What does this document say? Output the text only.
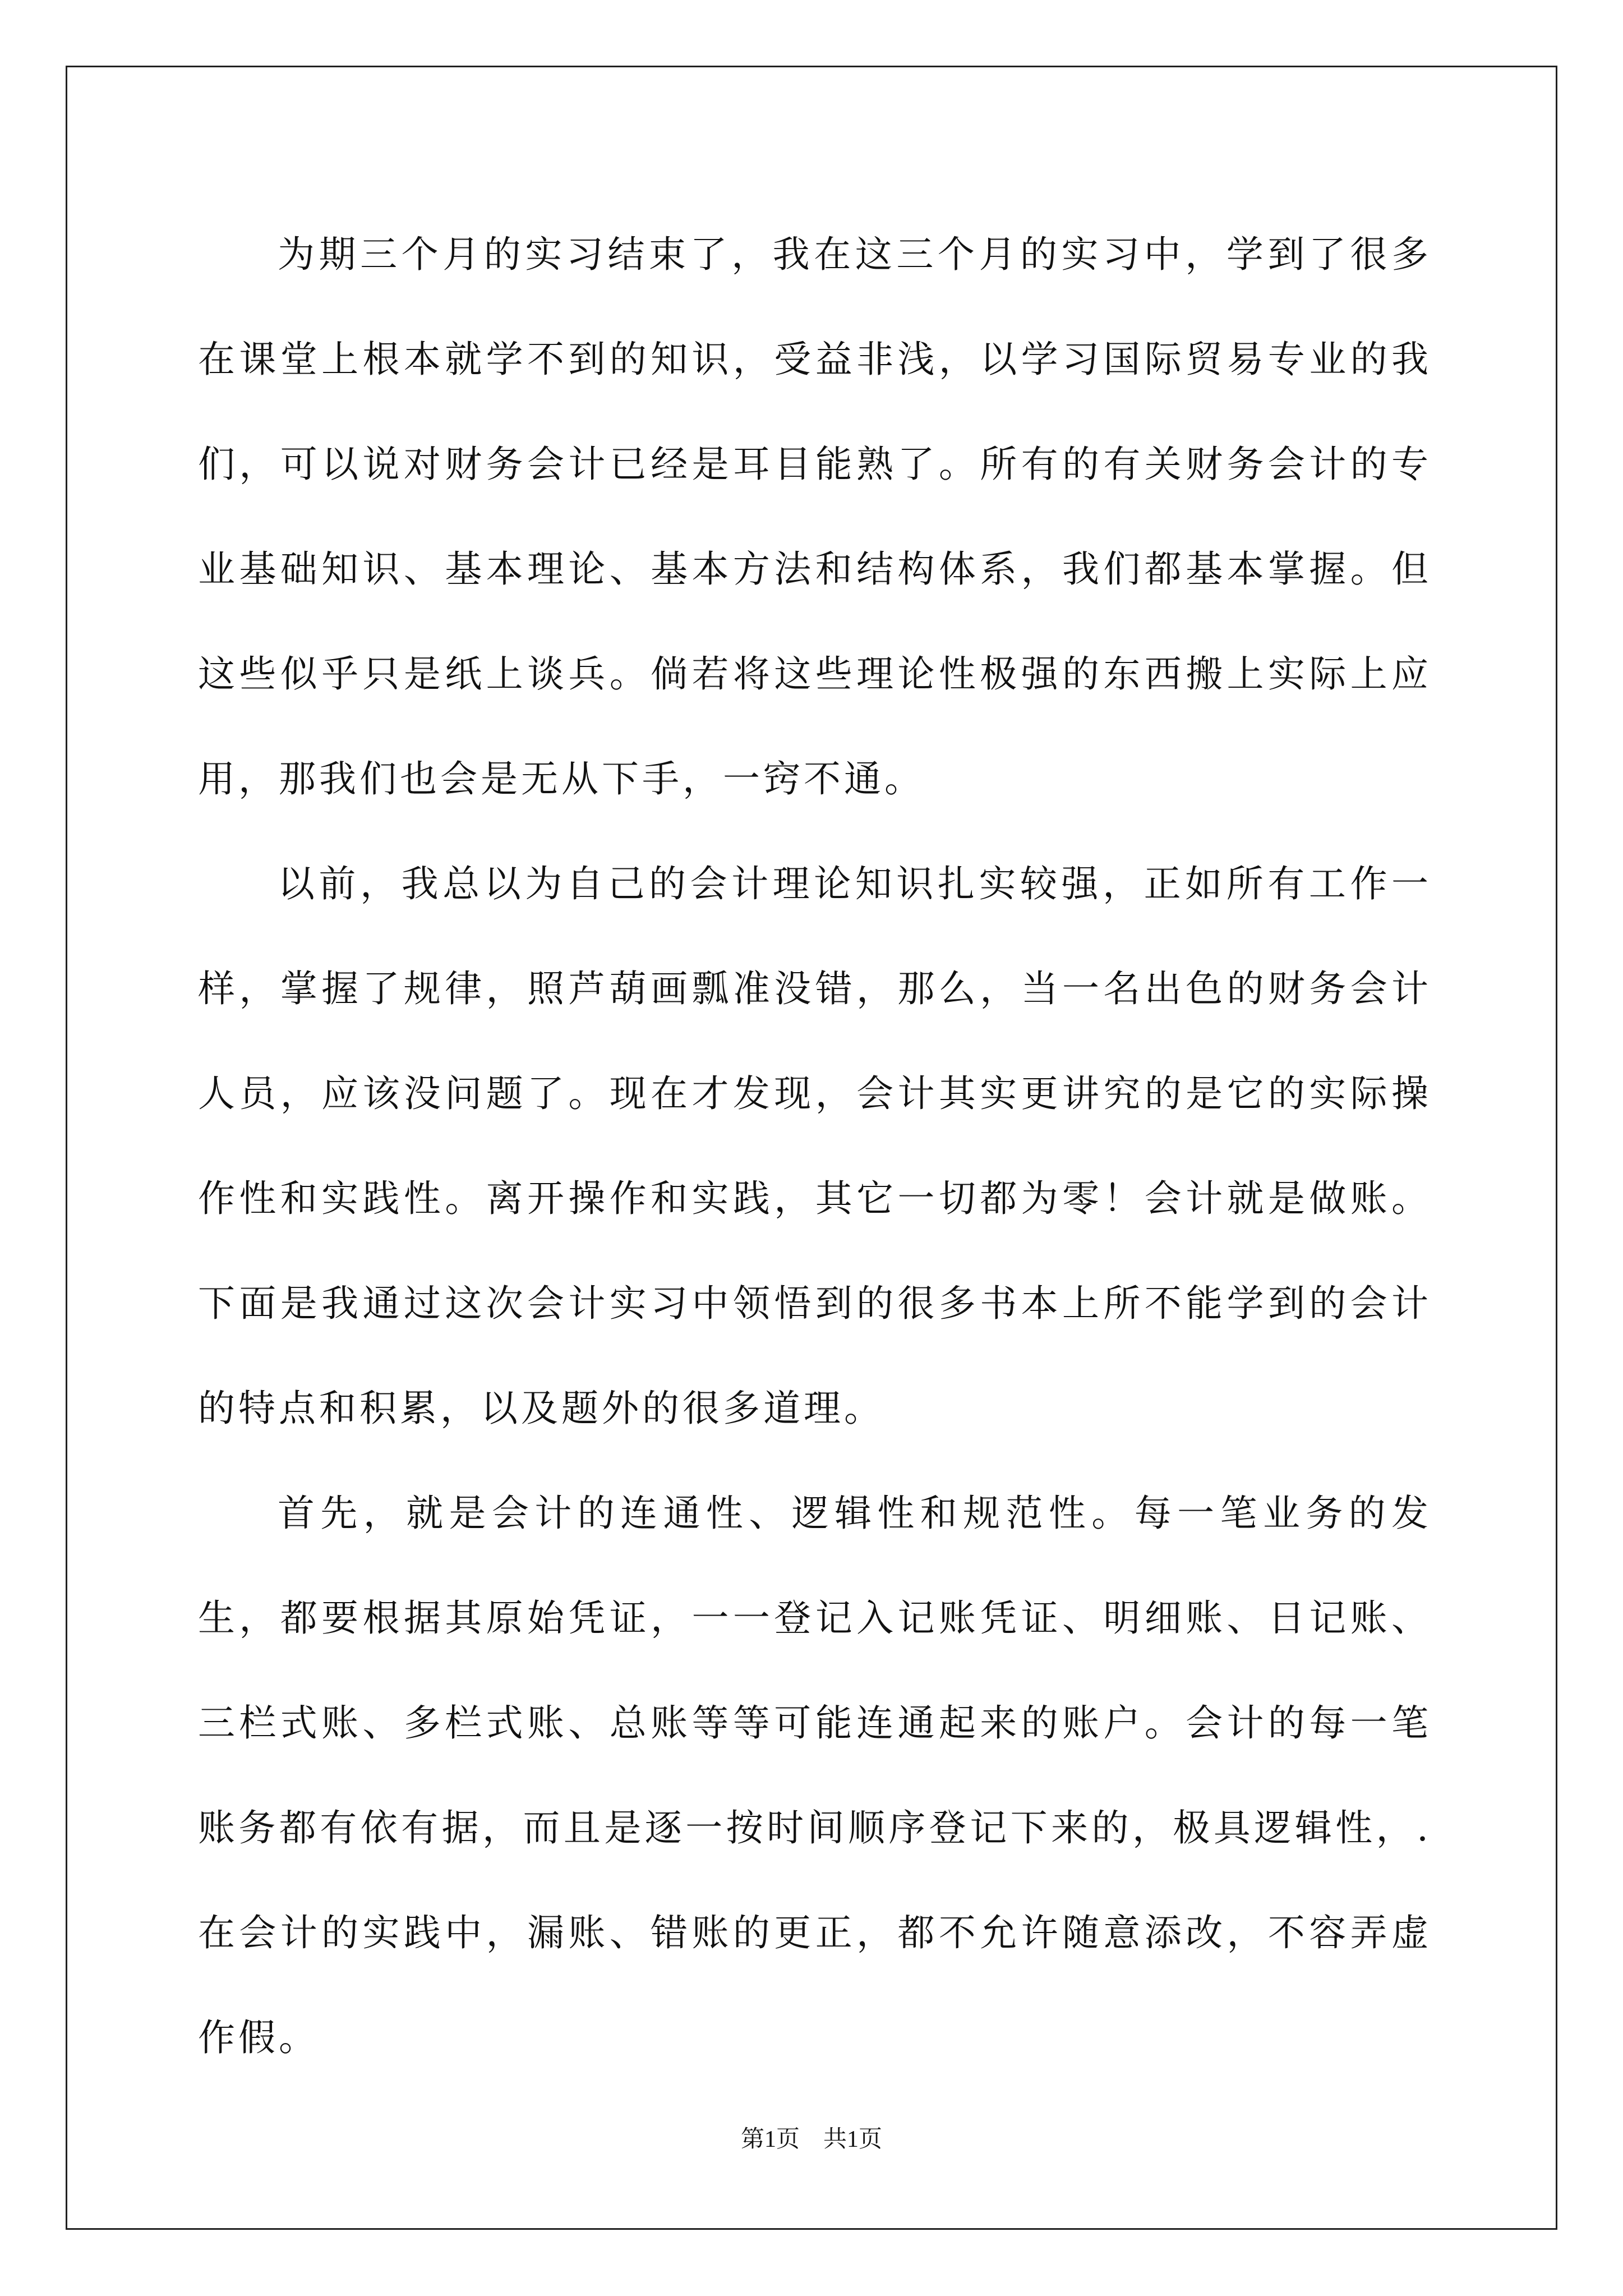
为期三个月的实习结束了，我在这三个月的实习中，学到了很多在课堂上根本就学不到的知识，受益非浅，以学习国际贸易专业的我们，可以说对财务会计已经是耳目能熟了。所有的有关财务会计的专业基础知识、基本理论、基本方法和结构体系，我们都基本掌握。但这些似乎只是纸上谈兵。倘若将这些理论性极强的东西搬上实际上应用，那我们也会是无从下手，一窍不通。

以前，我总以为自己的会计理论知识扎实较强，正如所有工作一样，掌握了规律，照芦葫画瓢准没错，那么，当一名出色的财务会计人员，应该没问题了。现在才发现，会计其实更讲究的是它的实际操作性和实践性。离开操作和实践，其它一切都为零！会计就是做账。下面是我通过这次会计实习中领悟到的很多书本上所不能学到的会计的特点和积累，以及题外的很多道理。

首先，就是会计的连通性、逻辑性和规范性。每一笔业务的发生，都要根据其原始凭证，一一登记入记账凭证、明细账、日记账、三栏式账、多栏式账、总账等等可能连通起来的账户。会计的每一笔账务都有依有据，而且是逐一按时间顺序登记下来的，极具逻辑性，.在会计的实践中，漏账、错账的更正，都不允许随意添改，不容弄虚作假。

第1页　共1页
